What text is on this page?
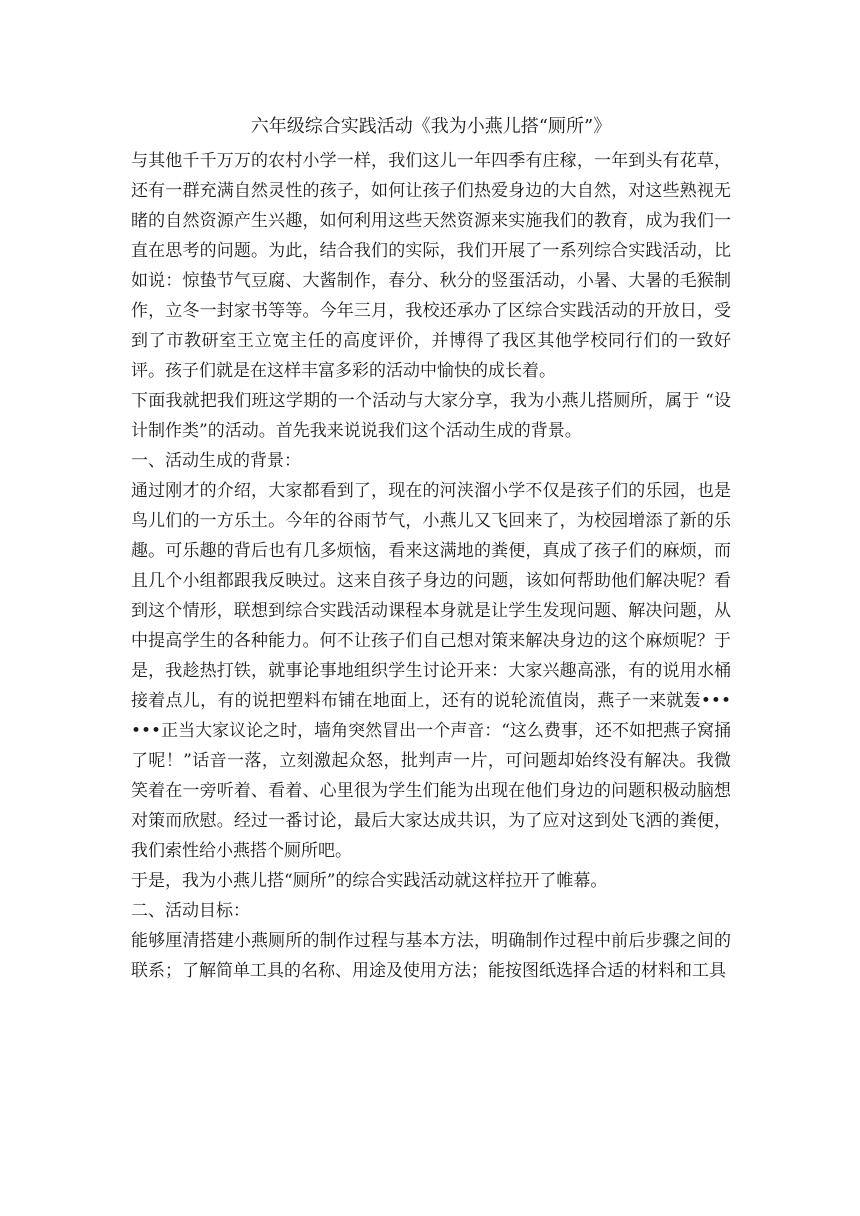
六年级综合实践活动《我为小燕儿搭“厕所”》

与其他千千万万的农村小学一样，我们这儿一年四季有庄稼，一年到头有花草，还有一群充满自然灵性的孩子，如何让孩子们热爱身边的大自然，对这些熟视无睹的自然资源产生兴趣，如何利用这些天然资源来实施我们的教育，成为我们一直在思考的问题。为此，结合我们的实际，我们开展了一系列综合实践活动，比如说：惊蛰节气豆腐、大酱制作，春分、秋分的竖蛋活动，小暑、大暑的毛猴制作，立冬一封家书等等。今年三月，我校还承办了区综合实践活动的开放日，受到了市教研室王立宽主任的高度评价，并博得了我区其他学校同行们的一致好评。孩子们就是在这样丰富多彩的活动中愉快的成长着。

下面我就把我们班这学期的一个活动与大家分享，我为小燕儿搭厕所，属于 “设计制作类”的活动。首先我来说说我们这个活动生成的背景。

一、活动生成的背景：

通过刚才的介绍，大家都看到了，现在的河浃溜小学不仅是孩子们的乐园，也是鸟儿们的一方乐土。今年的谷雨节气，小燕儿又飞回来了，为校园增添了新的乐趣。可乐趣的背后也有几多烦恼，看来这满地的粪便，真成了孩子们的麻烦，而且几个小组都跟我反映过。这来自孩子身边的问题，该如何帮助他们解决呢？看到这个情形，联想到综合实践活动课程本身就是让学生发现问题、解决问题，从中提高学生的各种能力。何不让孩子们自己想对策来解决身边的这个麻烦呢？于是，我趁热打铁，就事论事地组织学生讨论开来：大家兴趣高涨，有的说用水桶接着点儿，有的说把塑料布铺在地面上，还有的说轮流值岗，燕子一来就轰••••••正当大家议论之时，墙角突然冒出一个声音：“这么费事，还不如把燕子窝捅了呢！”话音一落，立刻激起众怒，批判声一片，可问题却始终没有解决。我微笑着在一旁听着、看着、心里很为学生们能为出现在他们身边的问题积极动脑想对策而欣慰。经过一番讨论，最后大家达成共识，为了应对这到处飞洒的粪便，我们索性给小燕搭个厕所吧。

于是，我为小燕儿搭“厕所”的综合实践活动就这样拉开了帷幕。

二、活动目标：

能够厘清搭建小燕厕所的制作过程与基本方法，明确制作过程中前后步骤之间的联系；了解简单工具的名称、用途及使用方法；能按图纸选择合适的材料和工具
